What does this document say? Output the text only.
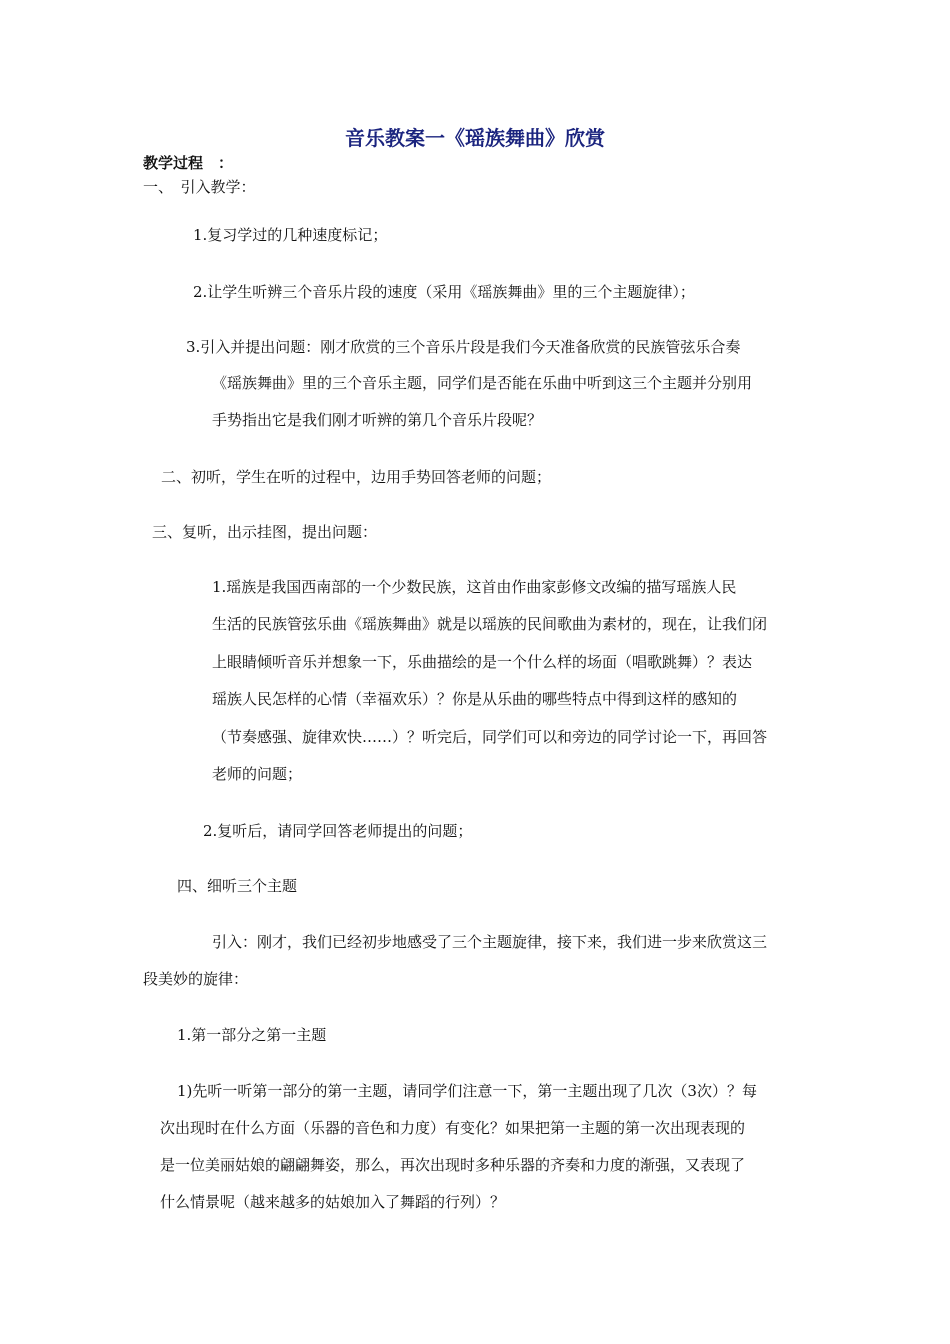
音乐教案一《瑶族舞曲》欣赏
教学过程　：
一、　引入教学：
1.复习学过的几种速度标记；
2.让学生听辨三个音乐片段的速度（采用《瑶族舞曲》里的三个主题旋律）；
3.引入并提出问题：刚才欣赏的三个音乐片段是我们今天准备欣赏的民族管弦乐合奏
《瑶族舞曲》里的三个音乐主题，同学们是否能在乐曲中听到这三个主题并分别用
手势指出它是我们刚才听辨的第几个音乐片段呢？
二、初听，学生在听的过程中，边用手势回答老师的问题；
三、复听，出示挂图，提出问题：
1.瑶族是我国西南部的一个少数民族，这首由作曲家彭修文改编的描写瑶族人民
生活的民族管弦乐曲《瑶族舞曲》就是以瑶族的民间歌曲为素材的，现在，让我们闭
上眼睛倾听音乐并想象一下，乐曲描绘的是一个什么样的场面（唱歌跳舞）？表达
瑶族人民怎样的心情（幸福欢乐）？你是从乐曲的哪些特点中得到这样的感知的
（节奏感强、旋律欢快……）？听完后，同学们可以和旁边的同学讨论一下，再回答
老师的问题；
2.复听后，请同学回答老师提出的问题；
四、细听三个主题
引入：刚才，我们已经初步地感受了三个主题旋律，接下来，我们进一步来欣赏这三
段美妙的旋律：
1.第一部分之第一主题
1)先听一听第一部分的第一主题，请同学们注意一下，第一主题出现了几次（3次）？每
次出现时在什么方面（乐器的音色和力度）有变化？如果把第一主题的第一次出现表现的
是一位美丽姑娘的翩翩舞姿，那么，再次出现时多种乐器的齐奏和力度的渐强，又表现了
什么情景呢（越来越多的姑娘加入了舞蹈的行列）？
